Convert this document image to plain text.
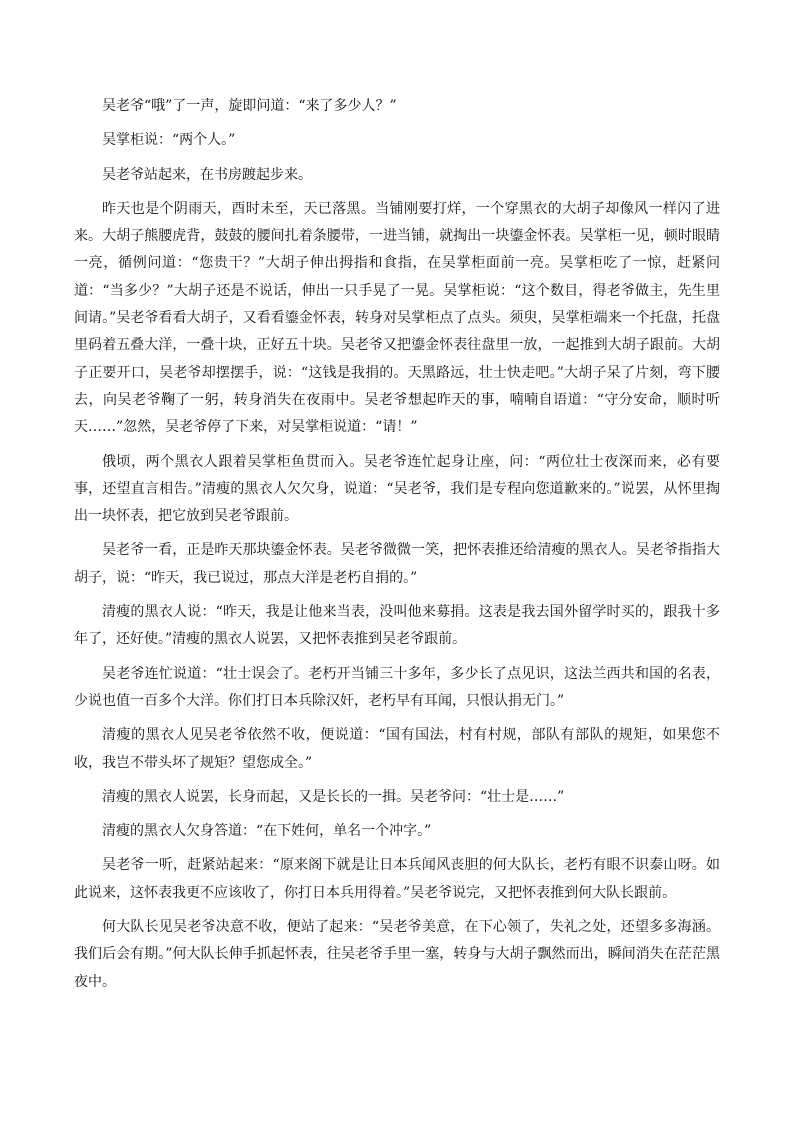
吴老爷“哦”了一声，旋即问道：“来了多少人？”

吴掌柜说：“两个人。”

吴老爷站起来，在书房踱起步来。

昨天也是个阴雨天，酉时未至，天已落黑。当铺刚要打烊，一个穿黑衣的大胡子却像风一样闪了进来。大胡子熊腰虎背，鼓鼓的腰间扎着条腰带，一进当铺，就掏出一块鎏金怀表。吴掌柜一见，顿时眼睛一亮，循例问道：“您贵干？”大胡子伸出拇指和食指，在吴掌柜面前一亮。吴掌柜吃了一惊，赶紧问道：“当多少？”大胡子还是不说话，伸出一只手晃了一晃。吴掌柜说：“这个数目，得老爷做主，先生里间请。”吴老爷看看大胡子，又看看鎏金怀表，转身对吴掌柜点了点头。须臾，吴掌柜端来一个托盘，托盘里码着五叠大洋，一叠十块，正好五十块。吴老爷又把鎏金怀表往盘里一放，一起推到大胡子跟前。大胡子正要开口，吴老爷却摆摆手，说：“这钱是我捐的。天黑路远，壮士快走吧。”大胡子呆了片刻，弯下腰去，向吴老爷鞠了一躬，转身消失在夜雨中。吴老爷想起昨天的事，喃喃自语道：“守分安命，顺时听天……”忽然，吴老爷停了下来，对吴掌柜说道：“请！”

俄顷，两个黑衣人跟着吴掌柜鱼贯而入。吴老爷连忙起身让座，问：“两位壮士夜深而来，必有要事，还望直言相告。”清瘦的黑衣人欠欠身，说道：“吴老爷，我们是专程向您道歉来的。”说罢，从怀里掏出一块怀表，把它放到吴老爷跟前。

吴老爷一看，正是昨天那块鎏金怀表。吴老爷微微一笑，把怀表推还给清瘦的黑衣人。吴老爷指指大胡子，说：“昨天，我已说过，那点大洋是老朽自捐的。”

清瘦的黑衣人说：“昨天，我是让他来当表，没叫他来募捐。这表是我去国外留学时买的，跟我十多年了，还好使。”清瘦的黑衣人说罢，又把怀表推到吴老爷跟前。

吴老爷连忙说道：“壮士误会了。老朽开当铺三十多年，多少长了点见识，这法兰西共和国的名表，少说也值一百多个大洋。你们打日本兵除汉奸，老朽早有耳闻，只恨认捐无门。”

清瘦的黑衣人见吴老爷依然不收，便说道：“国有国法，村有村规，部队有部队的规矩，如果您不收，我岂不带头坏了规矩？望您成全。”

清瘦的黑衣人说罢，长身而起，又是长长的一揖。吴老爷问：“壮士是……”

清瘦的黑衣人欠身答道：“在下姓何，单名一个冲字。”

吴老爷一听，赶紧站起来：“原来阁下就是让日本兵闻风丧胆的何大队长，老朽有眼不识泰山呀。如此说来，这怀表我更不应该收了，你打日本兵用得着。”吴老爷说完，又把怀表推到何大队长跟前。

何大队长见吴老爷决意不收，便站了起来：“吴老爷美意，在下心领了，失礼之处，还望多多海涵。我们后会有期。”何大队长伸手抓起怀表，往吴老爷手里一塞，转身与大胡子飘然而出，瞬间消失在茫茫黑夜中。
